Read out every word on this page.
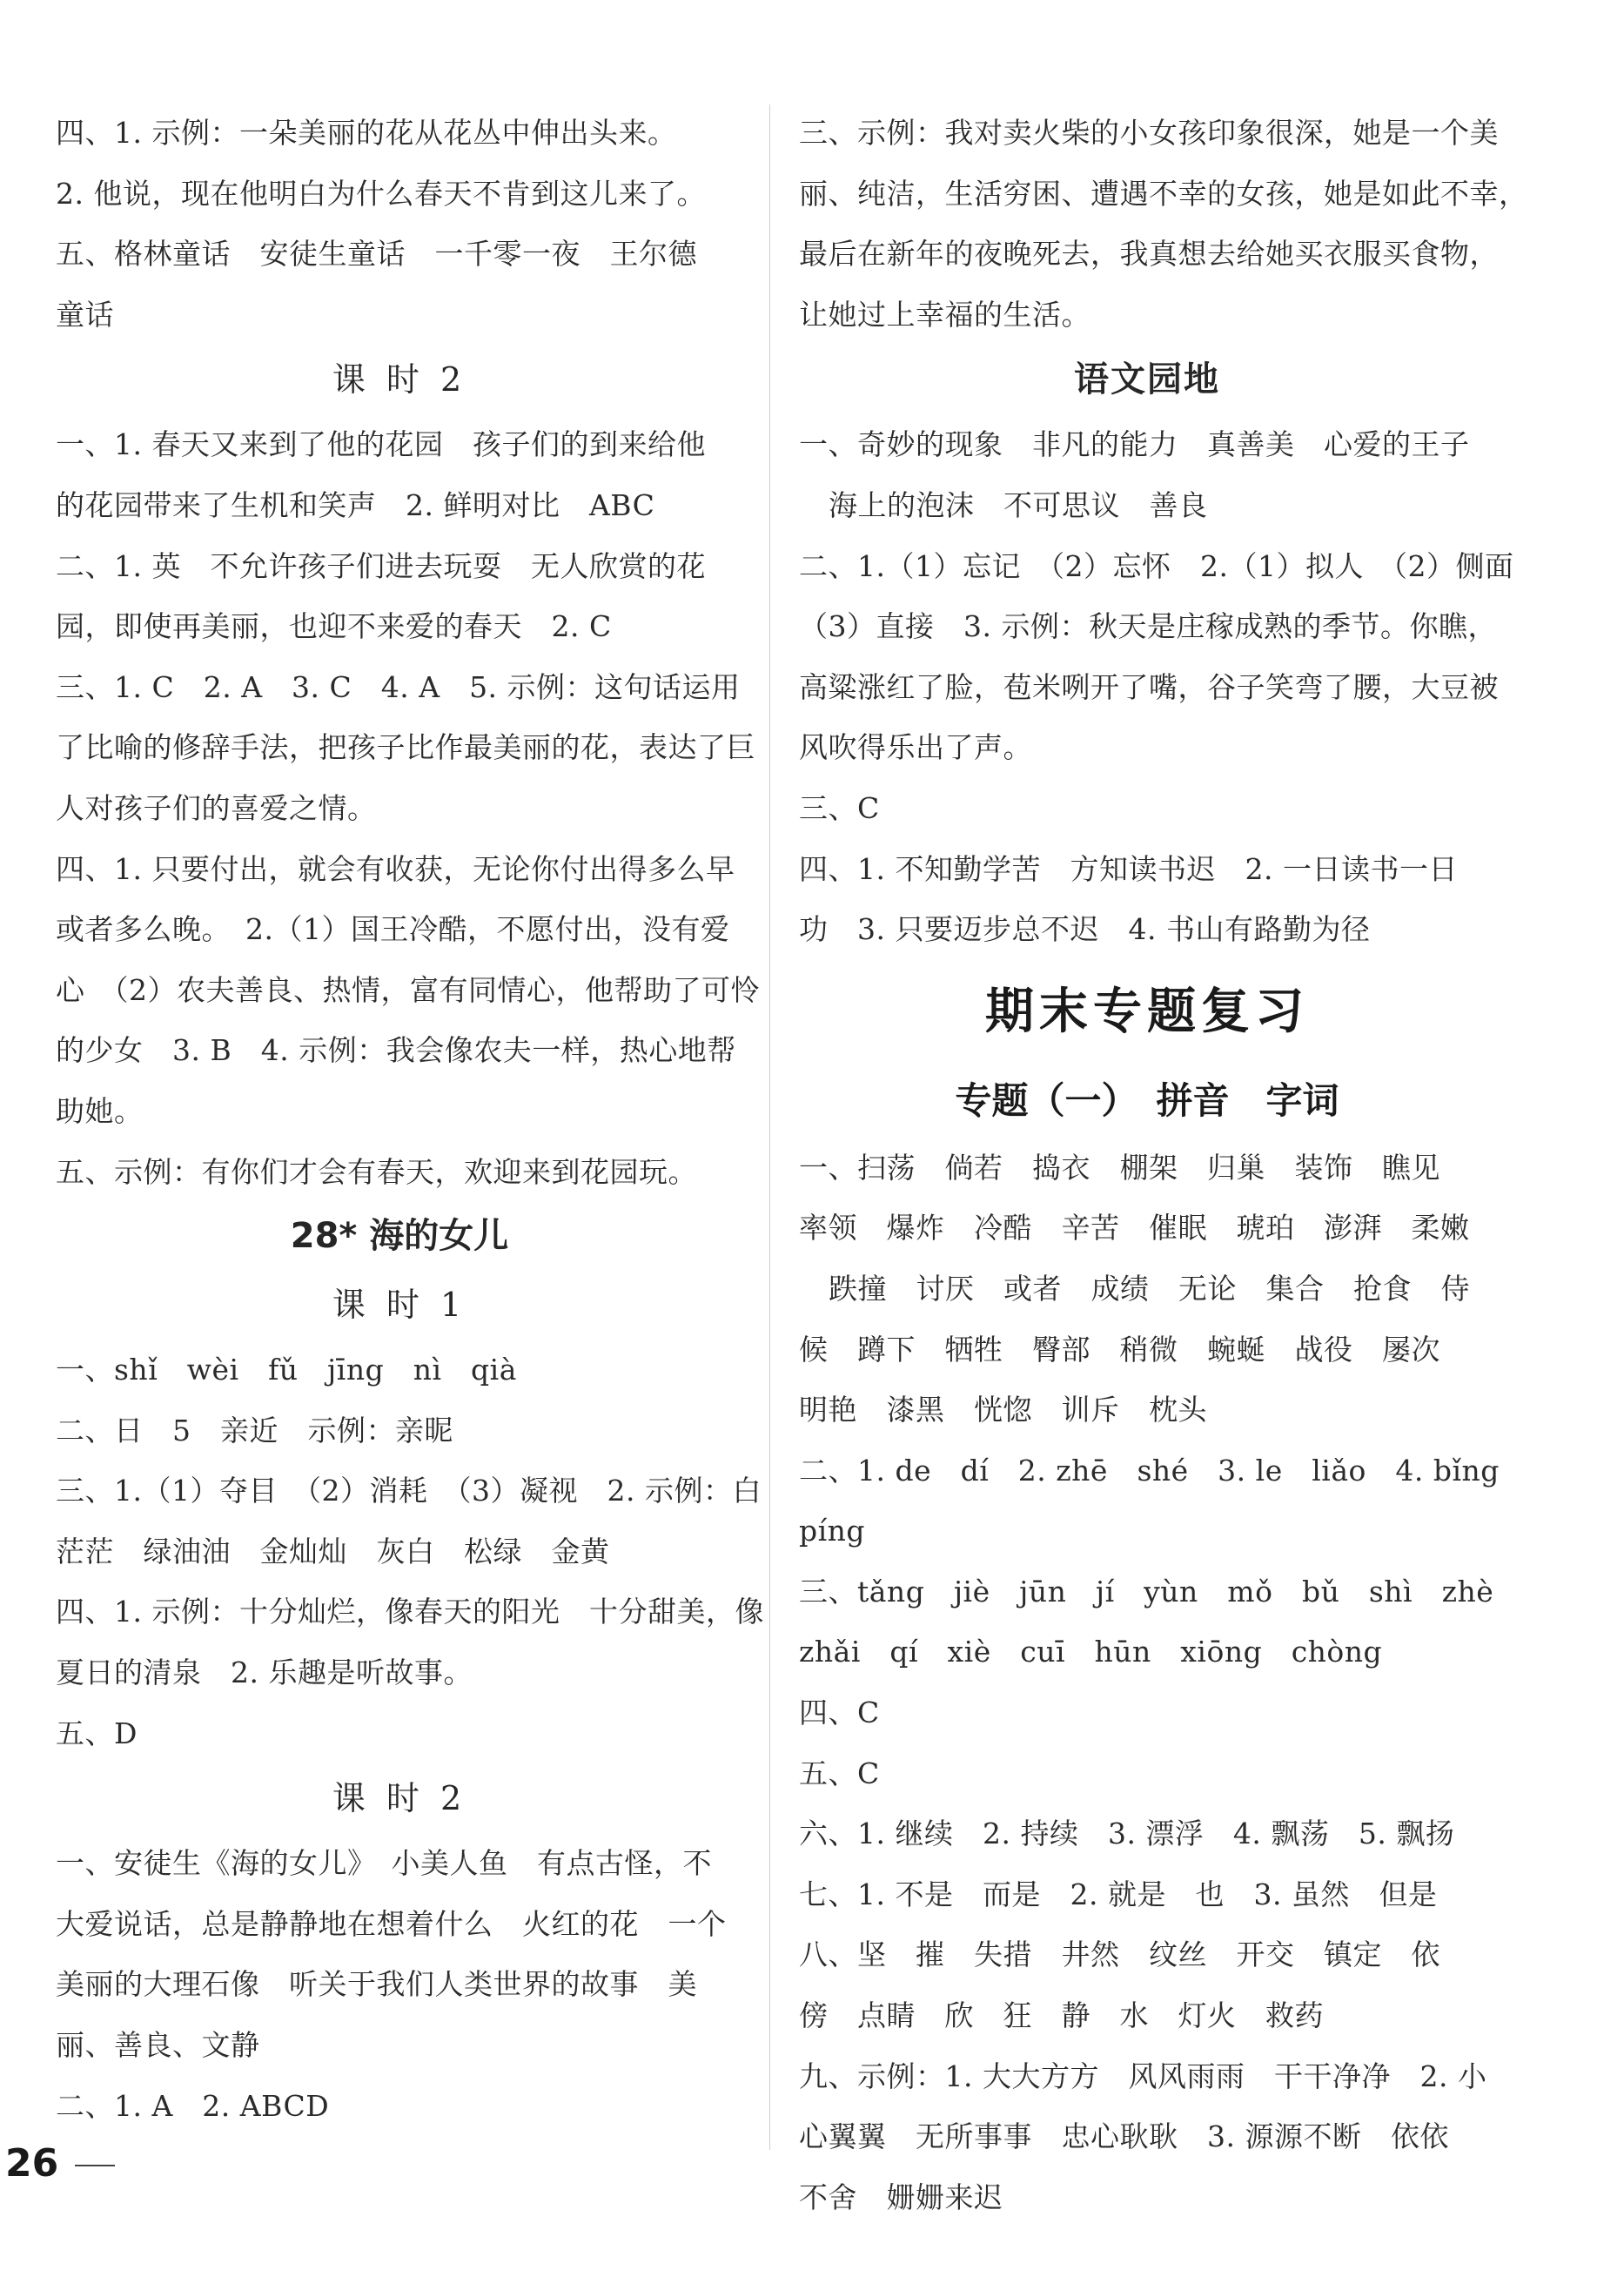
四、1. 示例：一朵美丽的花从花丛中伸出头来。
2. 他说，现在他明白为什么春天不肯到这儿来了。
五、格林童话　安徒生童话　一千零一夜　王尔德
童话
课 时 2
一、1. 春天又来到了他的花园　孩子们的到来给他
的花园带来了生机和笑声　2. 鲜明对比　ABC
二、1. 英　不允许孩子们进去玩耍　无人欣赏的花
园，即使再美丽，也迎不来爱的春天　2. C
三、1. C　2. A　3. C　4. A　5. 示例：这句话运用
了比喻的修辞手法，把孩子比作最美丽的花，表达了巨
人对孩子们的喜爱之情。
四、1. 只要付出，就会有收获，无论你付出得多么早
或者多么晚。　2.（1）国王冷酷，不愿付出，没有爱
心　（2）农夫善良、热情，富有同情心，他帮助了可怜
的少女　3. B　4. 示例：我会像农夫一样，热心地帮
助她。
五、示例：有你们才会有春天，欢迎来到花园玩。
28* 海的女儿
课 时 1
一、shǐ　wèi　fǔ　jīng　nì　qià
二、日　5　亲近　示例：亲昵
三、1.（1）夺目　（2）消耗　（3）凝视　2. 示例：白
茫茫　绿油油　金灿灿　灰白　松绿　金黄
四、1. 示例：十分灿烂，像春天的阳光　十分甜美，像
夏日的清泉　2. 乐趣是听故事。
五、D
课 时 2
一、安徒生《海的女儿》　小美人鱼　有点古怪，不
大爱说话，总是静静地在想着什么　火红的花　一个
美丽的大理石像　听关于我们人类世界的故事　美
丽、善良、文静
二、1. A　2. ABCD
三、示例：我对卖火柴的小女孩印象很深，她是一个美
丽、纯洁，生活穷困、遭遇不幸的女孩，她是如此不幸，
最后在新年的夜晚死去，我真想去给她买衣服买食物，
让她过上幸福的生活。
语文园地
一、奇妙的现象　非凡的能力　真善美　心爱的王子
海上的泡沫　不可思议　善良
二、1.（1）忘记　（2）忘怀　2.（1）拟人　（2）侧面
（3）直接　3. 示例：秋天是庄稼成熟的季节。你瞧，
高粱涨红了脸，苞米咧开了嘴，谷子笑弯了腰，大豆被
风吹得乐出了声。
三、C
四、1. 不知勤学苦　方知读书迟　2. 一日读书一日
功　3. 只要迈步总不迟　4. 书山有路勤为径
期末专题复习
专题（一）　拼音　字词
一、扫荡　倘若　捣衣　棚架　归巢　装饰　瞧见
率领　爆炸　冷酷　辛苦　催眠　琥珀　澎湃　柔嫩
跌撞　讨厌　或者　成绩　无论　集合　抢食　侍
候　蹲下　牺牲　臀部　稍微　蜿蜒　战役　屡次
明艳　漆黑　恍惚　训斥　枕头
二、1. de　dí　2. zhē　shé　3. le　liǎo　4. bǐng
píng
三、tǎng　jiè　jūn　jí　yùn　mǒ　bǔ　shì　zhè
zhǎi　qí　xiè　cuī　hūn　xiōng　chòng
四、C
五、C
六、1. 继续　2. 持续　3. 漂浮　4. 飘荡　5. 飘扬
七、1. 不是　而是　2. 就是　也　3. 虽然　但是
八、坚　摧　失措　井然　纹丝　开交　镇定　依
傍　点睛　欣　狂　静　水　灯火　救药
九、示例：1. 大大方方　风风雨雨　干干净净　2. 小
心翼翼　无所事事　忠心耿耿　3. 源源不断　依依
不舍　姗姗来迟
26
